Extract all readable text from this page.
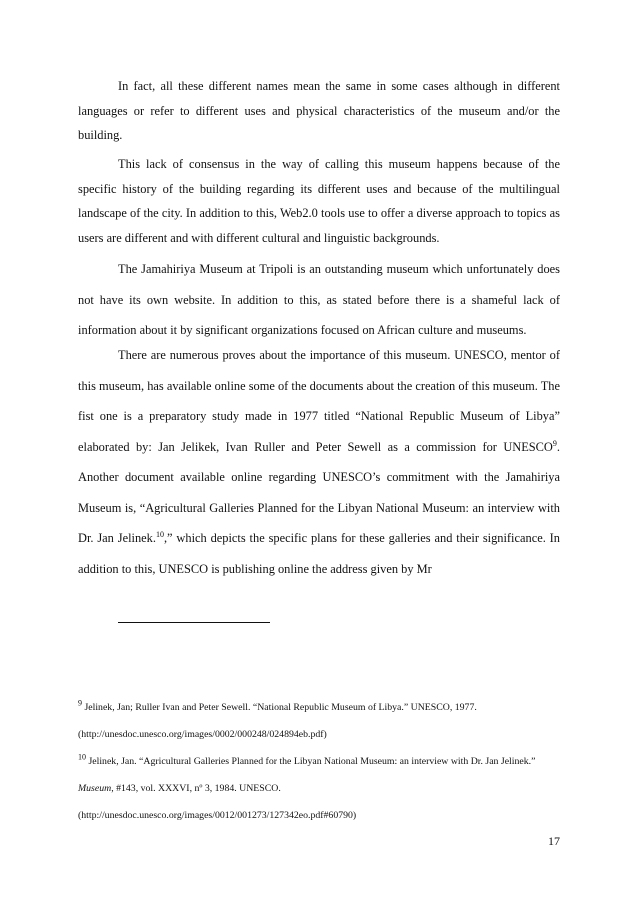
In fact, all these different names mean the same in some cases although in different languages or refer to different uses and physical characteristics of the museum and/or the building.

This lack of consensus in the way of calling this museum happens because of the specific history of the building regarding its different uses and because of the multilingual landscape of the city. In addition to this, Web2.0 tools use to offer a diverse approach to topics as users are different and with different cultural and linguistic backgrounds.

The Jamahiriya Museum at Tripoli is an outstanding museum which unfortunately does not have its own website. In addition to this, as stated before there is a shameful lack of information about it by significant organizations focused on African culture and museums.

There are numerous proves about the importance of this museum. UNESCO, mentor of this museum, has available online some of the documents about the creation of this museum. The fist one is a preparatory study made in 1977 titled “National Republic Museum of Libya” elaborated by: Jan Jelikek, Ivan Ruller and Peter Sewell as a commission for UNESCO$^9$. Another document available online regarding UNESCO’s commitment with the Jamahiriya Museum is, “Agricultural Galleries Planned for the Libyan National Museum: an interview with Dr. Jan Jelinek.$^{10}$,” which depicts the specific plans for these galleries and their significance. In addition to this, UNESCO is publishing online the address given by Mr

$^9$ Jelinek, Jan; Ruller Ivan and Peter Sewell. “National Republic Museum of Libya.” UNESCO, 1977.
(http://unesdoc.unesco.org/images/0002/000248/024894eb.pdf)

$^{10}$ Jelinek, Jan. “Agricultural Galleries Planned for the Libyan National Museum: an interview with Dr. Jan Jelinek.” Museum, #143, vol. XXXVI, nº 3, 1984. UNESCO.
(http://unesdoc.unesco.org/images/0012/001273/127342eo.pdf#60790)

17
